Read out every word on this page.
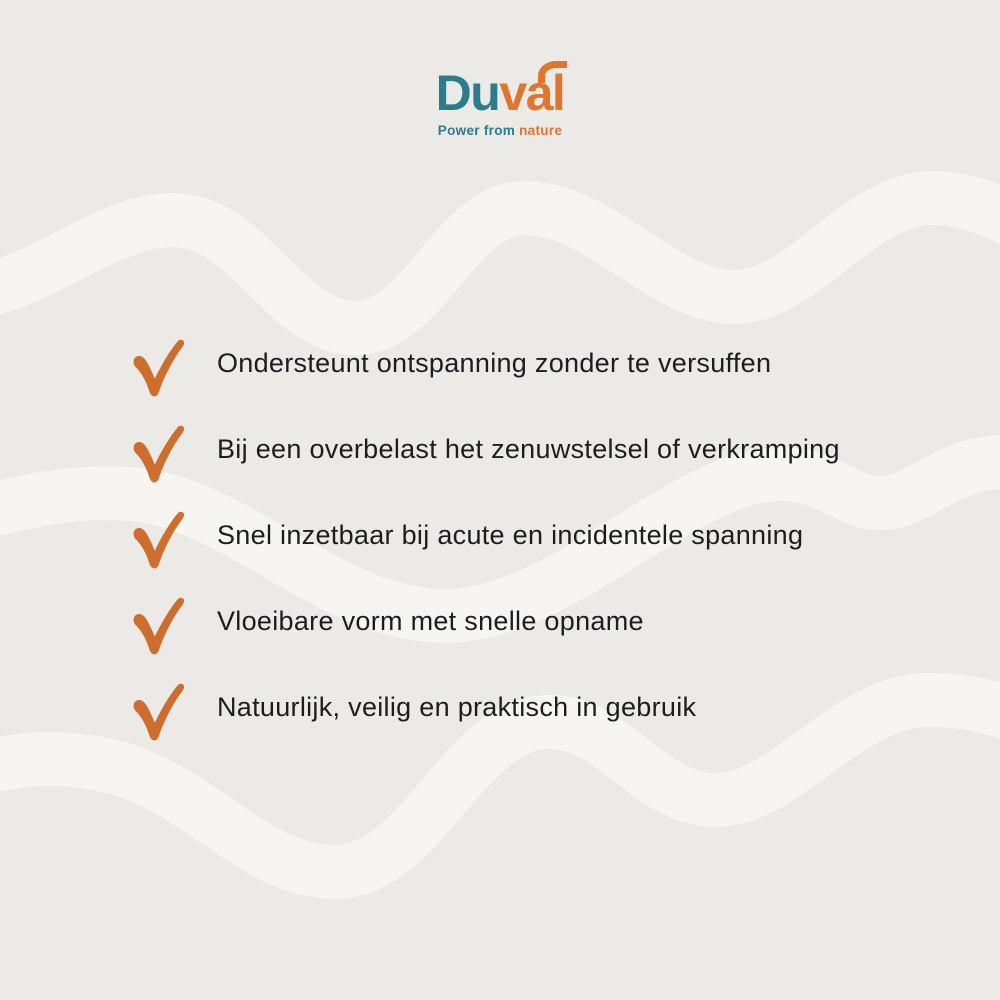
Duval
Power from nature
Ondersteunt ontspanning zonder te versuffen
Bij een overbelast het zenuwstelsel of verkramping
Snel inzetbaar bij acute en incidentele spanning
Vloeibare vorm met snelle opname
Natuurlijk, veilig en praktisch in gebruik
